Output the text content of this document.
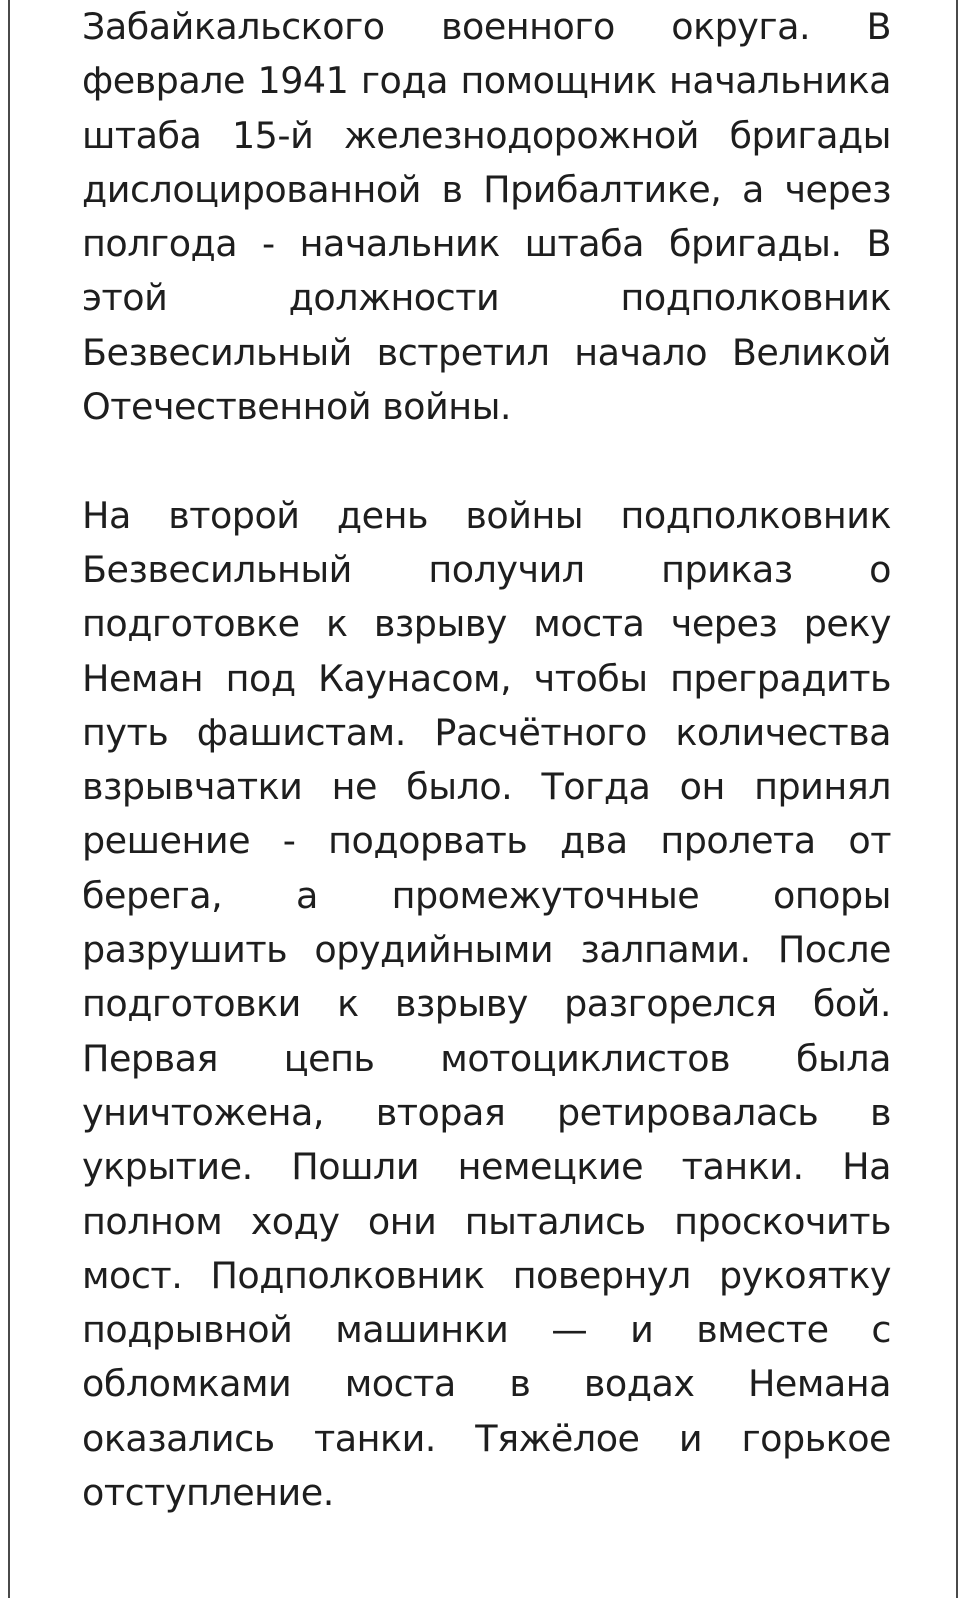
Забайкальского военного округа. В феврале 1941 года помощник начальника штаба 15-й железнодорожной бригады дислоцированной в Прибалтике, а через полгода - начальник штаба бригады. В этой должности подполковник Безвесильный встретил начало Великой Отечественной войны.

На второй день войны подполковник Безвесильный получил приказ о подготовке к взрыву моста через реку Неман под Каунасом, чтобы преградить путь фашистам. Расчётного количества взрывчатки не было. Тогда он принял решение - подорвать два пролета от берега, а промежуточные опоры разрушить орудийными залпами. После подготовки к взрыву разгорелся бой. Первая цепь мотоциклистов была уничтожена, вторая ретировалась в укрытие. Пошли немецкие танки. На полном ходу они пытались проскочить мост. Подполковник повернул рукоятку подрывной машинки — и вместе с обломками моста в водах Немана оказались танки. Тяжёлое и горькое отступление.
